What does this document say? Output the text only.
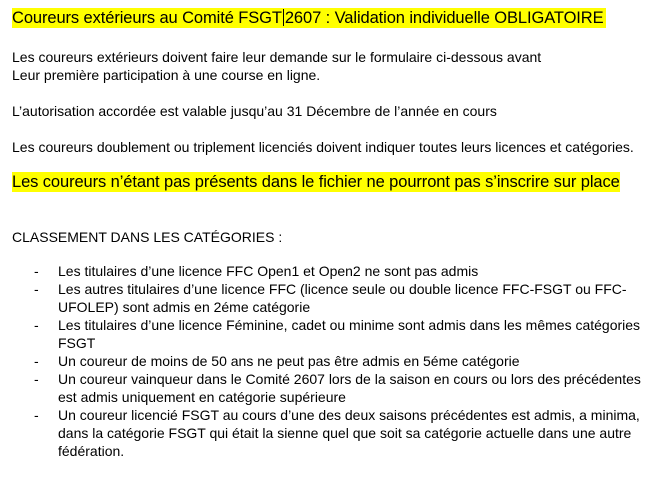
Coureurs extérieurs au Comité FSGT 2607 : Validation individuelle OBLIGATOIRE
Les coureurs extérieurs doivent faire leur demande sur le formulaire ci-dessous avant
Leur première participation à une course en ligne.
L’autorisation accordée est valable jusqu’au 31 Décembre de l’année en cours
Les coureurs doublement ou triplement licenciés doivent indiquer toutes leurs licences et catégories.
Les coureurs n’étant pas présents dans le fichier ne pourront pas s’inscrire sur place
CLASSEMENT DANS LES CATÉGORIES :
- Les titulaires d’une licence FFC Open1 et Open2 ne sont pas admis
- Les autres titulaires d’une licence FFC (licence seule ou double licence FFC-FSGT ou FFC-
UFOLEP) sont admis en 2éme catégorie
- Les titulaires d’une licence Féminine, cadet ou minime sont admis dans les mêmes catégories
FSGT
- Un coureur de moins de 50 ans ne peut pas être admis en 5éme catégorie
- Un coureur vainqueur dans le Comité 2607 lors de la saison en cours ou lors des précédentes
est admis uniquement en catégorie supérieure
- Un coureur licencié FSGT au cours d’une des deux saisons précédentes est admis, a minima,
dans la catégorie FSGT qui était la sienne quel que soit sa catégorie actuelle dans une autre
fédération.
